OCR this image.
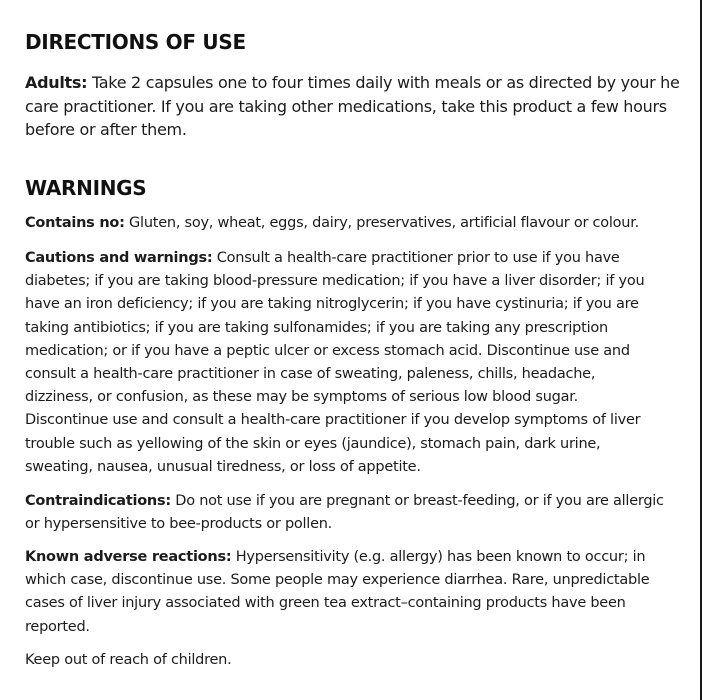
DIRECTIONS OF USE

Adults: Take 2 capsules one to four times daily with meals or as directed by your he
care practitioner. If you are taking other medications, take this product a few hours
before or after them.

WARNINGS

Contains no: Gluten, soy, wheat, eggs, dairy, preservatives, artificial flavour or colour.

Cautions and warnings: Consult a health-care practitioner prior to use if you have
diabetes; if you are taking blood-pressure medication; if you have a liver disorder; if you
have an iron deficiency; if you are taking nitroglycerin; if you have cystinuria; if you are
taking antibiotics; if you are taking sulfonamides; if you are taking any prescription
medication; or if you have a peptic ulcer or excess stomach acid. Discontinue use and
consult a health-care practitioner in case of sweating, paleness, chills, headache,
dizziness, or confusion, as these may be symptoms of serious low blood sugar.
Discontinue use and consult a health-care practitioner if you develop symptoms of liver
trouble such as yellowing of the skin or eyes (jaundice), stomach pain, dark urine,
sweating, nausea, unusual tiredness, or loss of appetite.

Contraindications: Do not use if you are pregnant or breast-feeding, or if you are allergic
or hypersensitive to bee-products or pollen.

Known adverse reactions: Hypersensitivity (e.g. allergy) has been known to occur; in
which case, discontinue use. Some people may experience diarrhea. Rare, unpredictable
cases of liver injury associated with green tea extract–containing products have been
reported.

Keep out of reach of children.
